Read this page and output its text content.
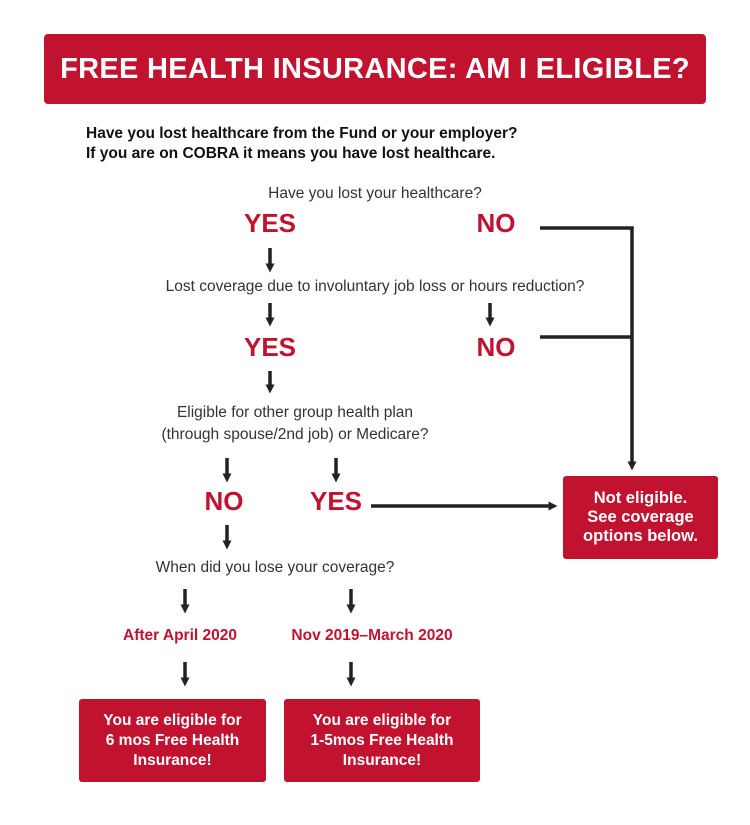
FREE HEALTH INSURANCE: AM I ELIGIBLE?
Have you lost healthcare from the Fund or your employer?
If you are on COBRA it means you have lost healthcare.
Have you lost your healthcare?
YES	NO
Lost coverage due to involuntary job loss or hours reduction?
YES	NO
Eligible for other group health plan
(through spouse/2nd job) or Medicare?
NO	YES
When did you lose your coverage?
After April 2020	Nov 2019–March 2020
Not eligible.
See coverage
options below.
You are eligible for
6 mos Free Health
Insurance!
You are eligible for
1-5mos Free Health
Insurance!
